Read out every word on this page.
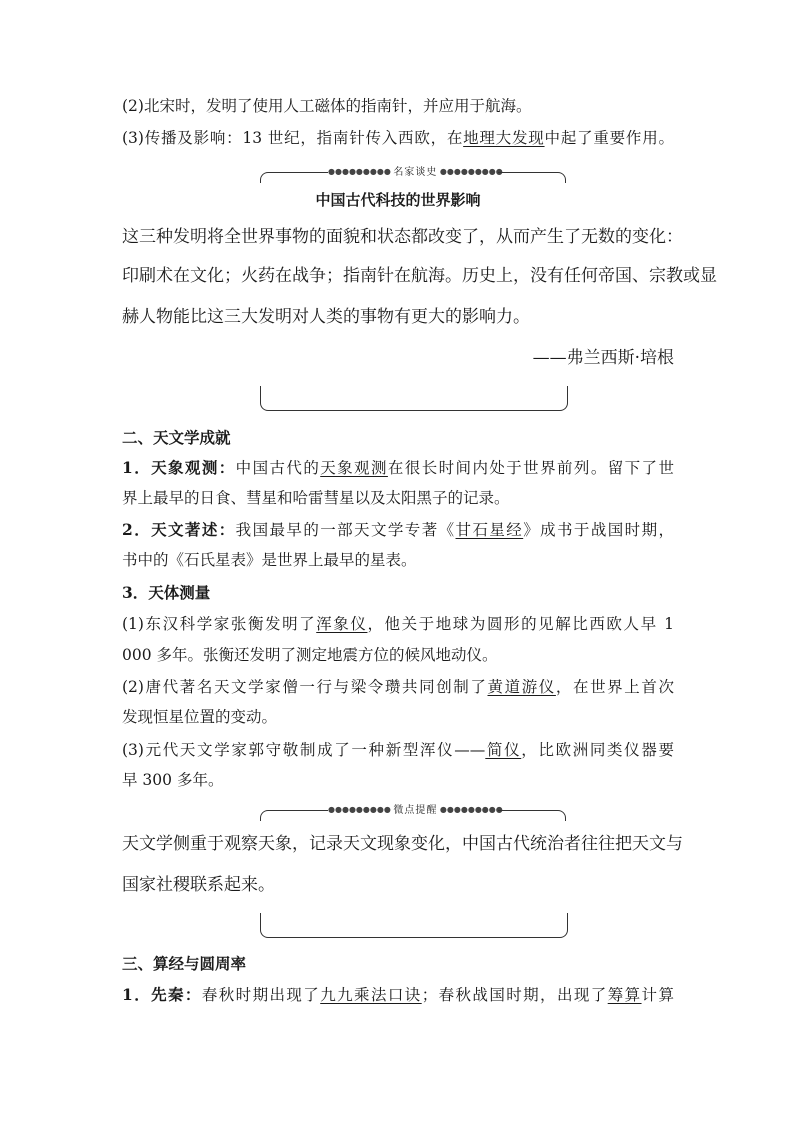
(2)北宋时，发明了使用人工磁体的指南针，并应用于航海。
(3)传播及影响：13 世纪，指南针传入西欧，在地理大发现中起了重要作用。
●●●●●●●●● 名家谈史 ●●●●●●●●●
中国古代科技的世界影响
这三种发明将全世界事物的面貌和状态都改变了，从而产生了无数的变化：
印刷术在文化；火药在战争；指南针在航海。历史上，没有任何帝国、宗教或显
赫人物能比这三大发明对人类的事物有更大的影响力。
——弗兰西斯·培根
二、天文学成就
1．天象观测：中国古代的天象观测在很长时间内处于世界前列。留下了世
界上最早的日食、彗星和哈雷彗星以及太阳黑子的记录。
2．天文著述：我国最早的一部天文学专著《甘石星经》成书于战国时期，
书中的《石氏星表》是世界上最早的星表。
3．天体测量
(1)东汉科学家张衡发明了浑象仪，他关于地球为圆形的见解比西欧人早 1
000 多年。张衡还发明了测定地震方位的候风地动仪。
(2)唐代著名天文学家僧一行与梁令瓒共同创制了黄道游仪，在世界上首次
发现恒星位置的变动。
(3)元代天文学家郭守敬制成了一种新型浑仪——简仪，比欧洲同类仪器要
早 300 多年。
●●●●●●●●● 微点提醒 ●●●●●●●●●
天文学侧重于观察天象，记录天文现象变化，中国古代统治者往往把天文与
国家社稷联系起来。
三、算经与圆周率
1．先秦：春秋时期出现了九九乘法口诀；春秋战国时期，出现了筹算计算
